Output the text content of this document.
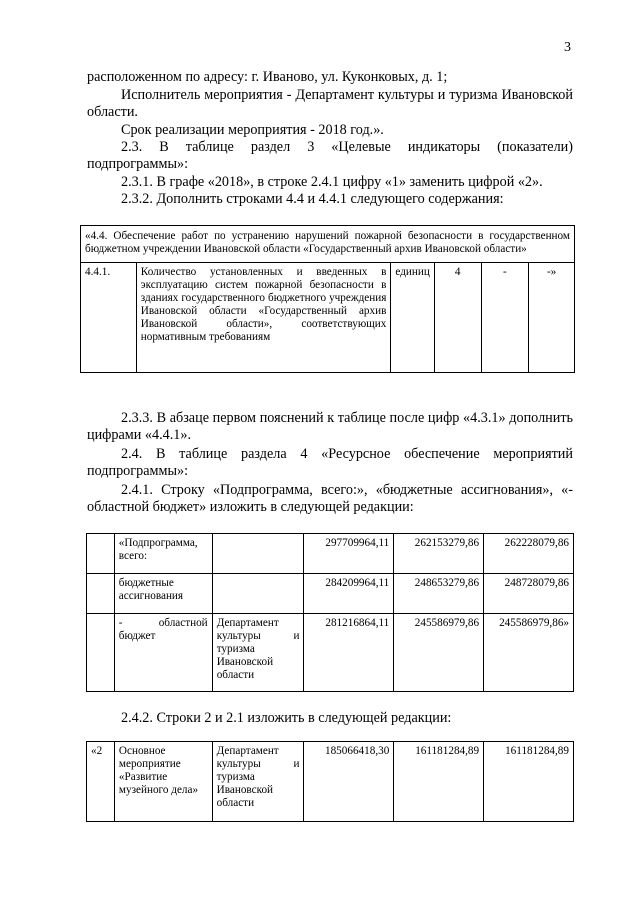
3
расположенном по адресу: г. Иваново, ул. Куконковых, д. 1;
Исполнитель мероприятия - Департамент культуры и туризма Ивановской области.
Срок реализации мероприятия - 2018 год.».
2.3. В таблице раздел 3 «Целевые индикаторы (показатели) подпрограммы»:
2.3.1. В графе «2018», в строке 2.4.1 цифру «1» заменить цифрой «2».
2.3.2. Дополнить строками 4.4 и 4.4.1 следующего содержания:
«4.4. Обеспечение работ по устранению нарушений пожарной безопасности в государственном бюджетном учреждении Ивановской области «Государственный архив Ивановской области»
4.4.1.	Количество установленных и введенных в эксплуатацию систем пожарной безопасности в зданиях государственного бюджетного учреждения Ивановской области «Государственный архив Ивановской области», соответствующих нормативным требованиям	единиц	4	-	-»
2.3.3. В абзаце первом пояснений к таблице после цифр «4.3.1» дополнить цифрами «4.4.1».
2.4. В таблице раздела 4 «Ресурсное обеспечение мероприятий подпрограммы»:
2.4.1. Строку «Подпрограмма, всего:», «бюджетные ассигнования», «- областной бюджет» изложить в следующей редакции:
	«Подпрограмма, всего:		297709964,11	262153279,86	262228079,86
	бюджетные ассигнования		284209964,11	248653279,86	248728079,86
	- областной бюджет	Департамент культуры и туризма Ивановской области	281216864,11	245586979,86	245586979,86»
2.4.2. Строки 2 и 2.1 изложить в следующей редакции:
«2	Основное мероприятие «Развитие музейного дела»	Департамент культуры и туризма Ивановской области	185066418,30	161181284,89	161181284,89
